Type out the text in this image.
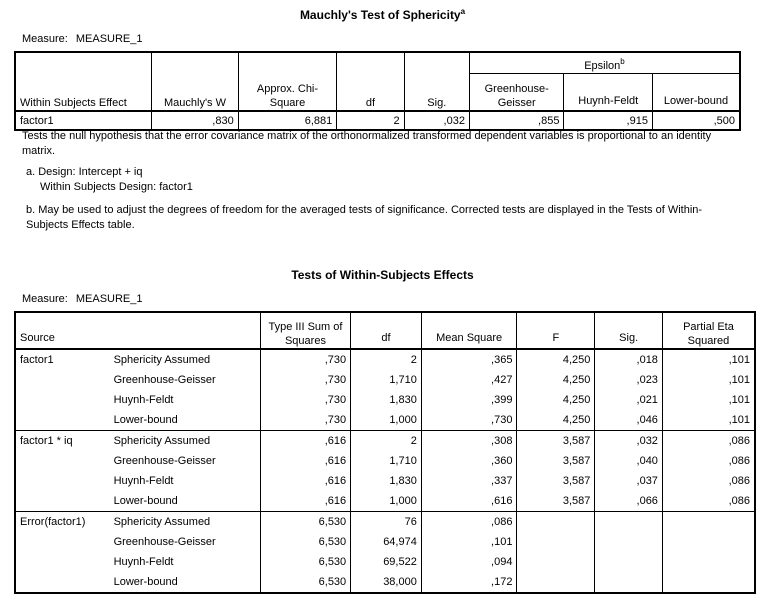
Mauchly's Test of Sphericity$^a$
Measure: MEASURE_1
Within Subjects Effect	Mauchly's W	Approx. Chi-Square	df	Sig.	Epsilon$^b$
					Greenhouse-Geisser	Huynh-Feldt	Lower-bound
factor1	,830	6,881	2	,032	,855	,915	,500
Tests the null hypothesis that the error covariance matrix of the orthonormalized transformed dependent variables is proportional to an identity matrix.
a. Design: Intercept + iq
Within Subjects Design: factor1
b. May be used to adjust the degrees of freedom for the averaged tests of significance. Corrected tests are displayed in the Tests of Within-Subjects Effects table.
Tests of Within-Subjects Effects
Measure: MEASURE_1
Source		Type III Sum of Squares	df	Mean Square	F	Sig.	Partial Eta Squared
factor1	Sphericity Assumed	,730	2	,365	4,250	,018	,101
	Greenhouse-Geisser	,730	1,710	,427	4,250	,023	,101
	Huynh-Feldt	,730	1,830	,399	4,250	,021	,101
	Lower-bound	,730	1,000	,730	4,250	,046	,101
factor1 * iq	Sphericity Assumed	,616	2	,308	3,587	,032	,086
	Greenhouse-Geisser	,616	1,710	,360	3,587	,040	,086
	Huynh-Feldt	,616	1,830	,337	3,587	,037	,086
	Lower-bound	,616	1,000	,616	3,587	,066	,086
Error(factor1)	Sphericity Assumed	6,530	76	,086			
	Greenhouse-Geisser	6,530	64,974	,101			
	Huynh-Feldt	6,530	69,522	,094			
	Lower-bound	6,530	38,000	,172			
